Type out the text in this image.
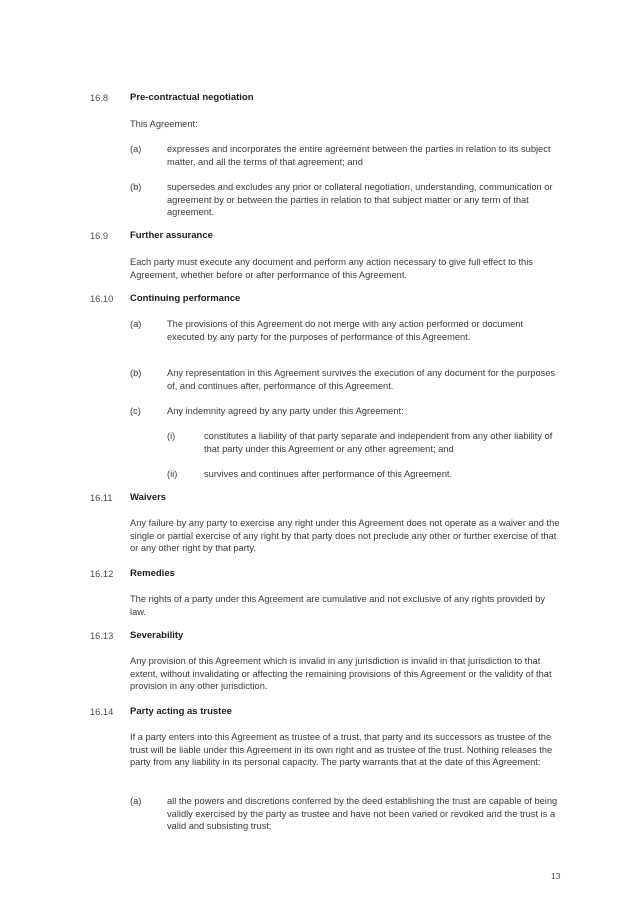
16.8 Pre-contractual negotiation
This Agreement:
(a)	expresses and incorporates the entire agreement between the parties in relation to its subject matter, and all the terms of that agreement; and
(b)	supersedes and excludes any prior or collateral negotiation, understanding, communication or agreement by or between the parties in relation to that subject matter or any term of that agreement.
16.9 Further assurance
Each party must execute any document and perform any action necessary to give full effect to this Agreement, whether before or after performance of this Agreement.
16.10 Continuing performance
(a)	The provisions of this Agreement do not merge with any action performed or document executed by any party for the purposes of performance of this Agreement.
(b)	Any representation in this Agreement survives the execution of any document for the purposes of, and continues after, performance of this Agreement.
(c)	Any indemnity agreed by any party under this Agreement:
(i)	constitutes a liability of that party separate and independent from any other liability of that party under this Agreement or any other agreement; and
(ii)	survives and continues after performance of this Agreement.
16.11 Waivers
Any failure by any party to exercise any right under this Agreement does not operate as a waiver and the single or partial exercise of any right by that party does not preclude any other or further exercise of that or any other right by that party.
16.12 Remedies
The rights of a party under this Agreement are cumulative and not exclusive of any rights provided by law.
16.13 Severability
Any provision of this Agreement which is invalid in any jurisdiction is invalid in that jurisdiction to that extent, without invalidating or affecting the remaining provisions of this Agreement or the validity of that provision in any other jurisdiction.
16.14 Party acting as trustee
If a party enters into this Agreement as trustee of a trust, that party and its successors as trustee of the trust will be liable under this Agreement in its own right and as trustee of the trust. Nothing releases the party from any liability in its personal capacity. The party warrants that at the date of this Agreement:
(a)	all the powers and discretions conferred by the deed establishing the trust are capable of being validly exercised by the party as trustee and have not been varied or revoked and the trust is a valid and subsisting trust;
13
